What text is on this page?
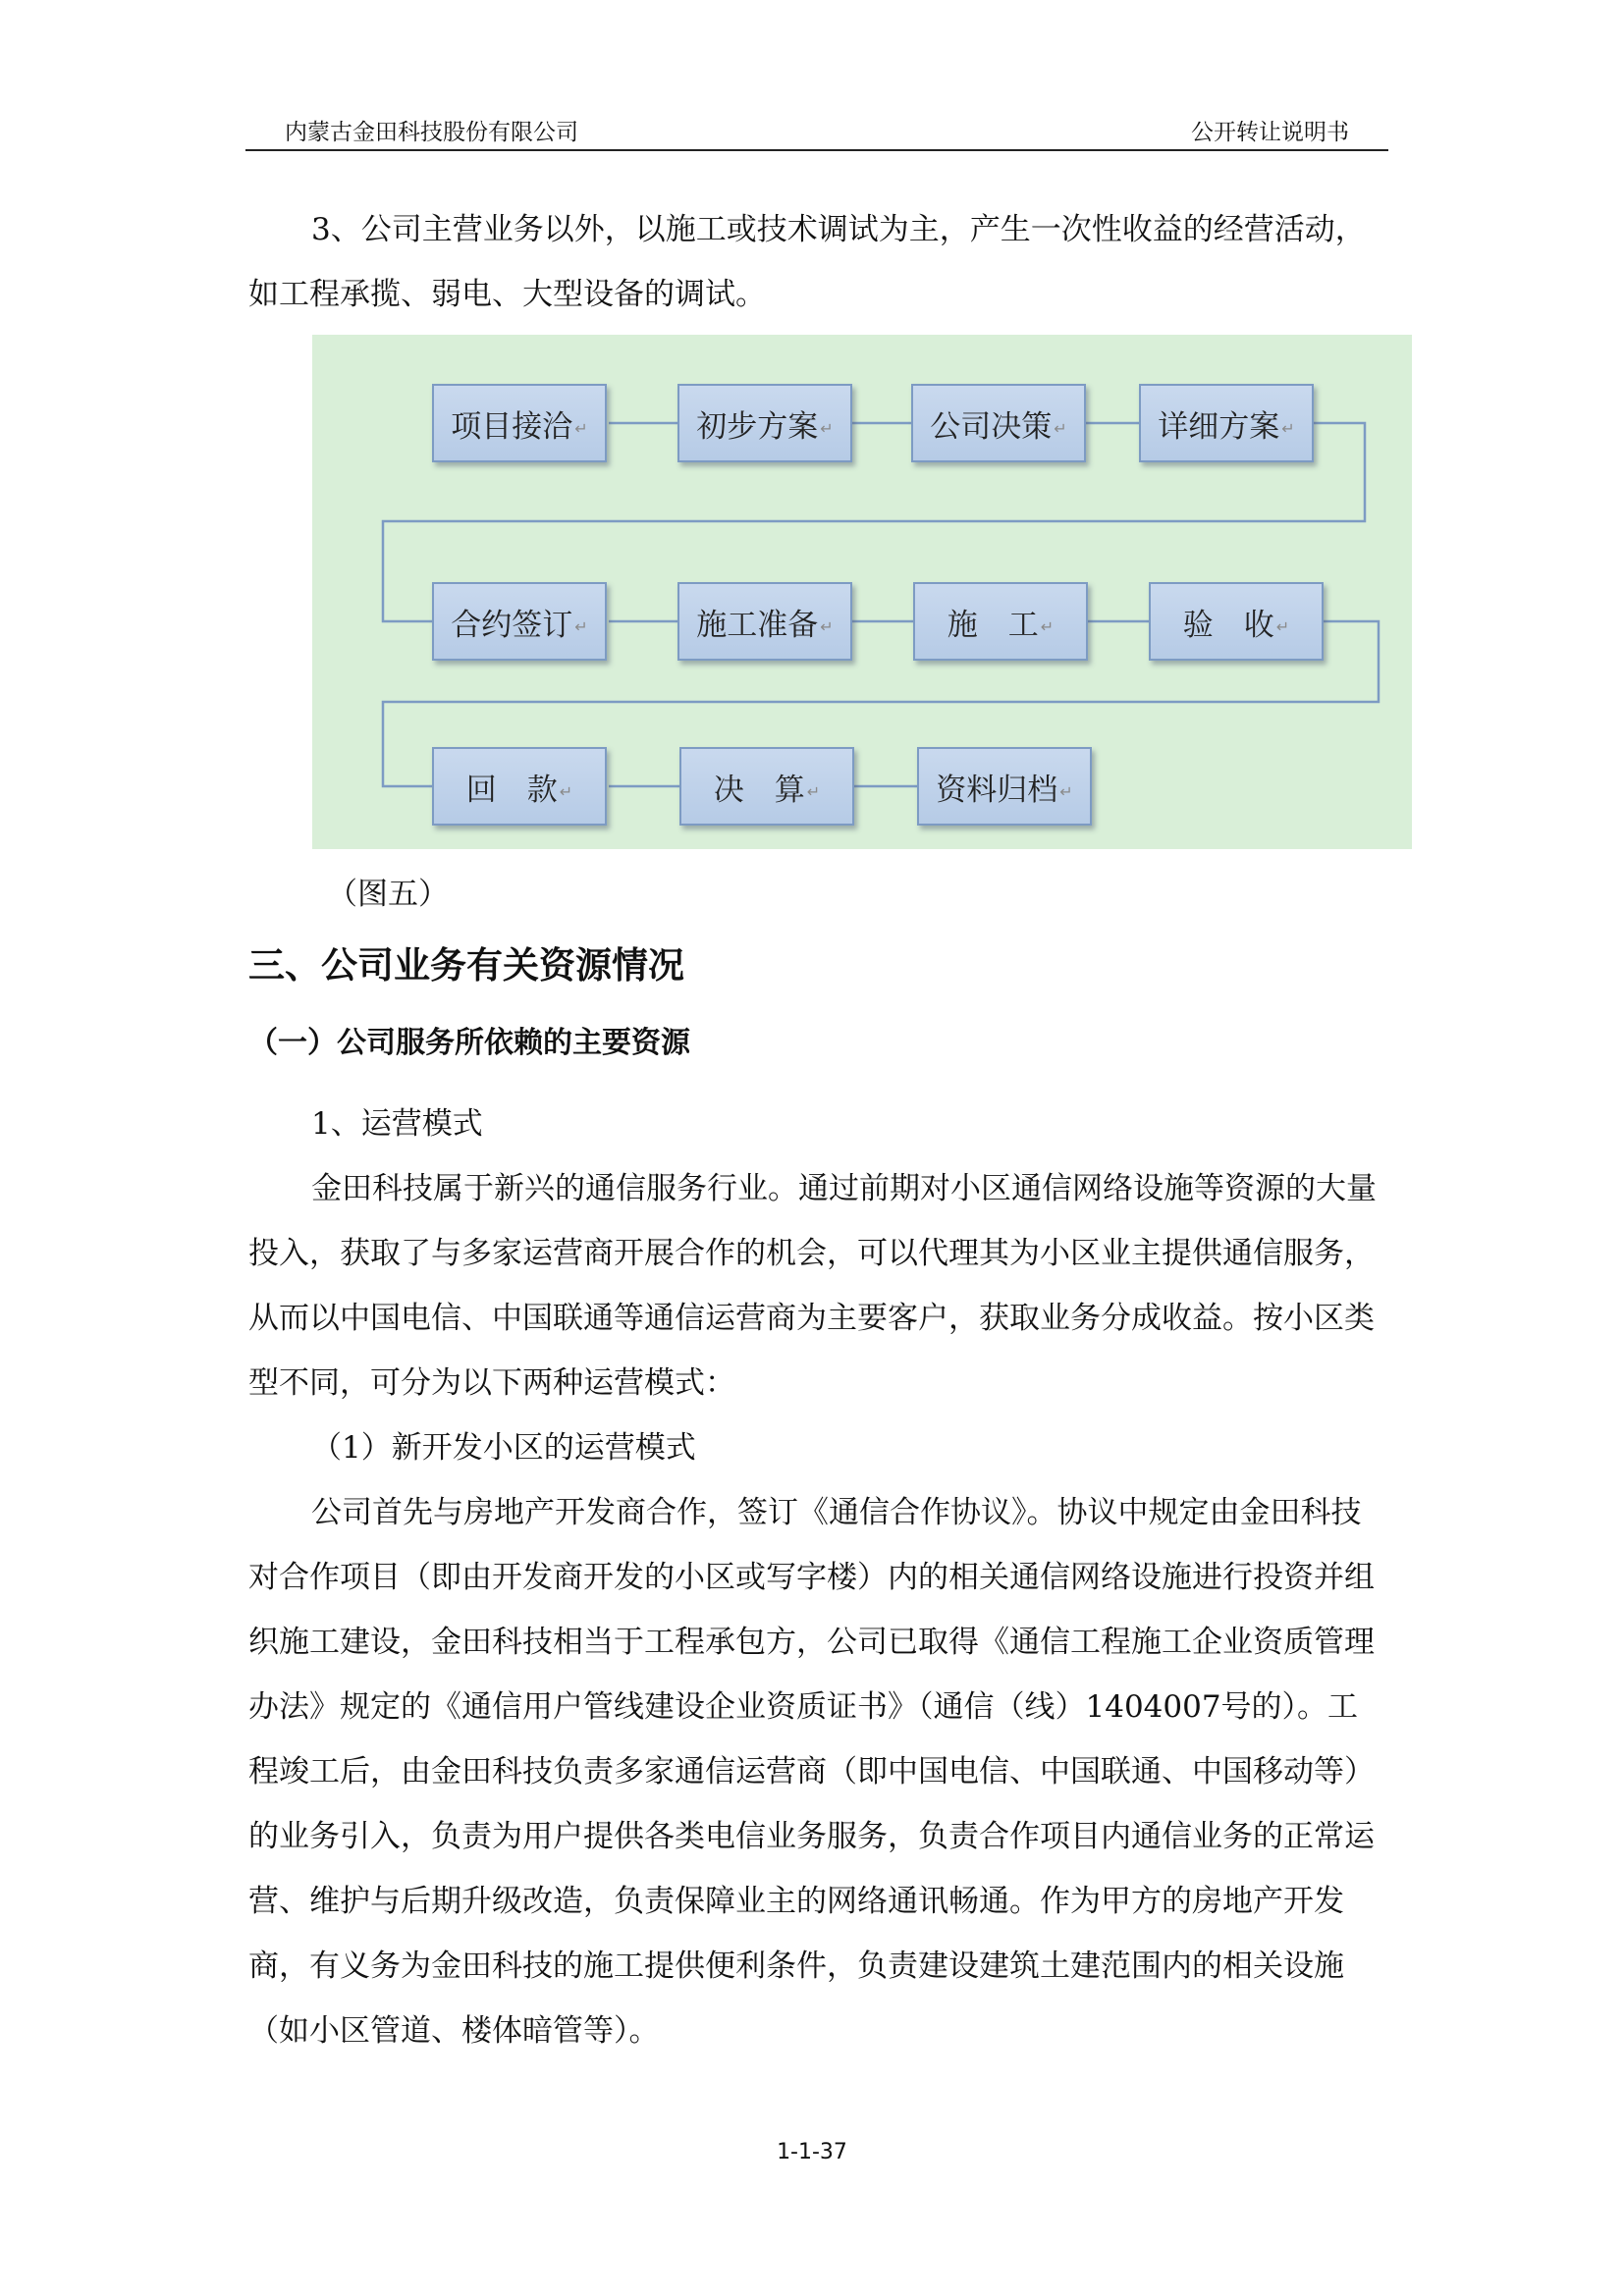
内蒙古金田科技股份有限公司	公开转让说明书

3、公司主营业务以外，以施工或技术调试为主，产生一次性收益的经营活动，如工程承揽、弱电、大型设备的调试。

项目接洽 ↵	初步方案 ↵	公司决策 ↵	详细方案 ↵
合约签订 ↵	施工准备 ↵	施　工 ↵	验　收 ↵
回　款 ↵	决　算 ↵	资料归档 ↵
（图五）
三、公司业务有关资源情况
（一）公司服务所依赖的主要资源

1、运营模式

金田科技属于新兴的通信服务行业。通过前期对小区通信网络设施等资源的大量投入，获取了与多家运营商开展合作的机会，可以代理其为小区业主提供通信服务，从而以中国电信、中国联通等通信运营商为主要客户，获取业务分成收益。按小区类型不同，可分为以下两种运营模式：

（1）新开发小区的运营模式

公司首先与房地产开发商合作，签订《通信合作协议》。协议中规定由金田科技对合作项目（即由开发商开发的小区或写字楼）内的相关通信网络设施进行投资并组织施工建设，金田科技相当于工程承包方，公司已取得《通信工程施工企业资质管理办法》规定的《通信用户管线建设企业资质证书》（通信（线）1404007号的）。工程竣工后，由金田科技负责多家通信运营商（即中国电信、中国联通、中国移动等）的业务引入，负责为用户提供各类电信业务服务，负责合作项目内通信业务的正常运营、维护与后期升级改造，负责保障业主的网络通讯畅通。作为甲方的房地产开发商，有义务为金田科技的施工提供便利条件，负责建设建筑土建范围内的相关设施（如小区管道、楼体暗管等）。

1-1-37
